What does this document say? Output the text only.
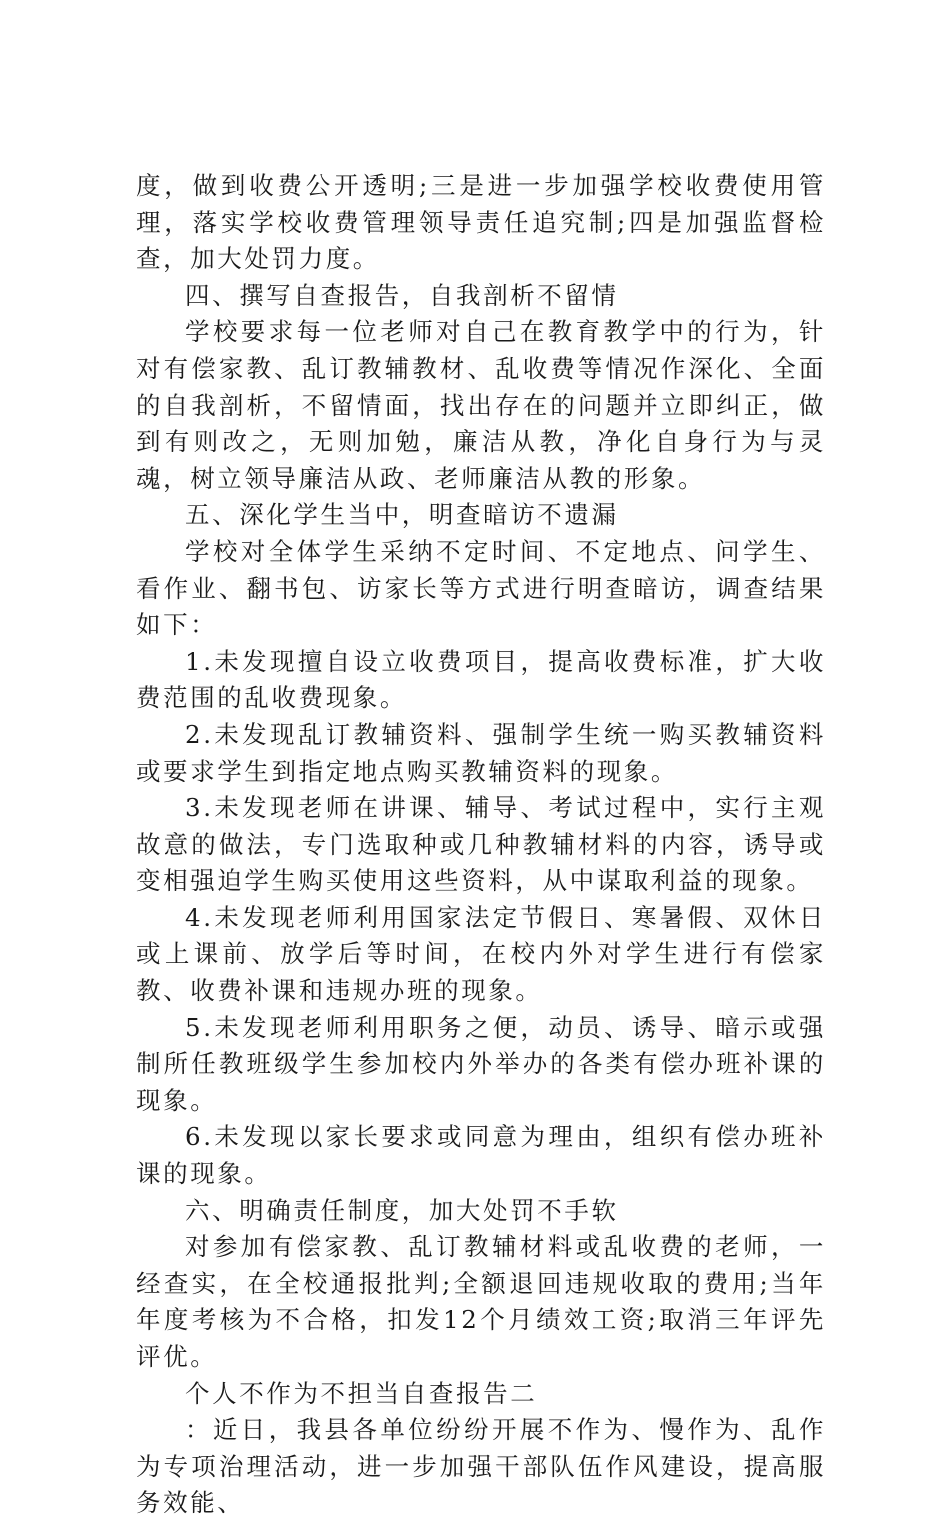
度，做到收费公开透明;三是进一步加强学校收费使用管理，落实学校收费管理领导责任追究制;四是加强监督检查，加大处罚力度。

四、撰写自查报告，自我剖析不留情

学校要求每一位老师对自己在教育教学中的行为，针对有偿家教、乱订教辅教材、乱收费等情况作深化、全面的自我剖析，不留情面，找出存在的问题并立即纠正，做到有则改之，无则加勉，廉洁从教，净化自身行为与灵魂，树立领导廉洁从政、老师廉洁从教的形象。

五、深化学生当中，明查暗访不遗漏

学校对全体学生采纳不定时间、不定地点、问学生、看作业、翻书包、访家长等方式进行明查暗访，调查结果如下：

1.未发现擅自设立收费项目，提高收费标准，扩大收费范围的乱收费现象。

2.未发现乱订教辅资料、强制学生统一购买教辅资料或要求学生到指定地点购买教辅资料的现象。

3.未发现老师在讲课、辅导、考试过程中，实行主观故意的做法，专门选取种或几种教辅材料的内容，诱导或变相强迫学生购买使用这些资料，从中谋取利益的现象。

4.未发现老师利用国家法定节假日、寒暑假、双休日或上课前、放学后等时间，在校内外对学生进行有偿家教、收费补课和违规办班的现象。

5.未发现老师利用职务之便，动员、诱导、暗示或强制所任教班级学生参加校内外举办的各类有偿办班补课的现象。

6.未发现以家长要求或同意为理由，组织有偿办班补课的现象。

六、明确责任制度，加大处罚不手软

对参加有偿家教、乱订教辅材料或乱收费的老师，一经查实，在全校通报批判;全额退回违规收取的费用;当年年度考核为不合格，扣发12个月绩效工资;取消三年评先评优。

个人不作为不担当自查报告二

：近日，我县各单位纷纷开展不作为、慢作为、乱作为专项治理活动，进一步加强干部队伍作风建设，提高服务效能、
